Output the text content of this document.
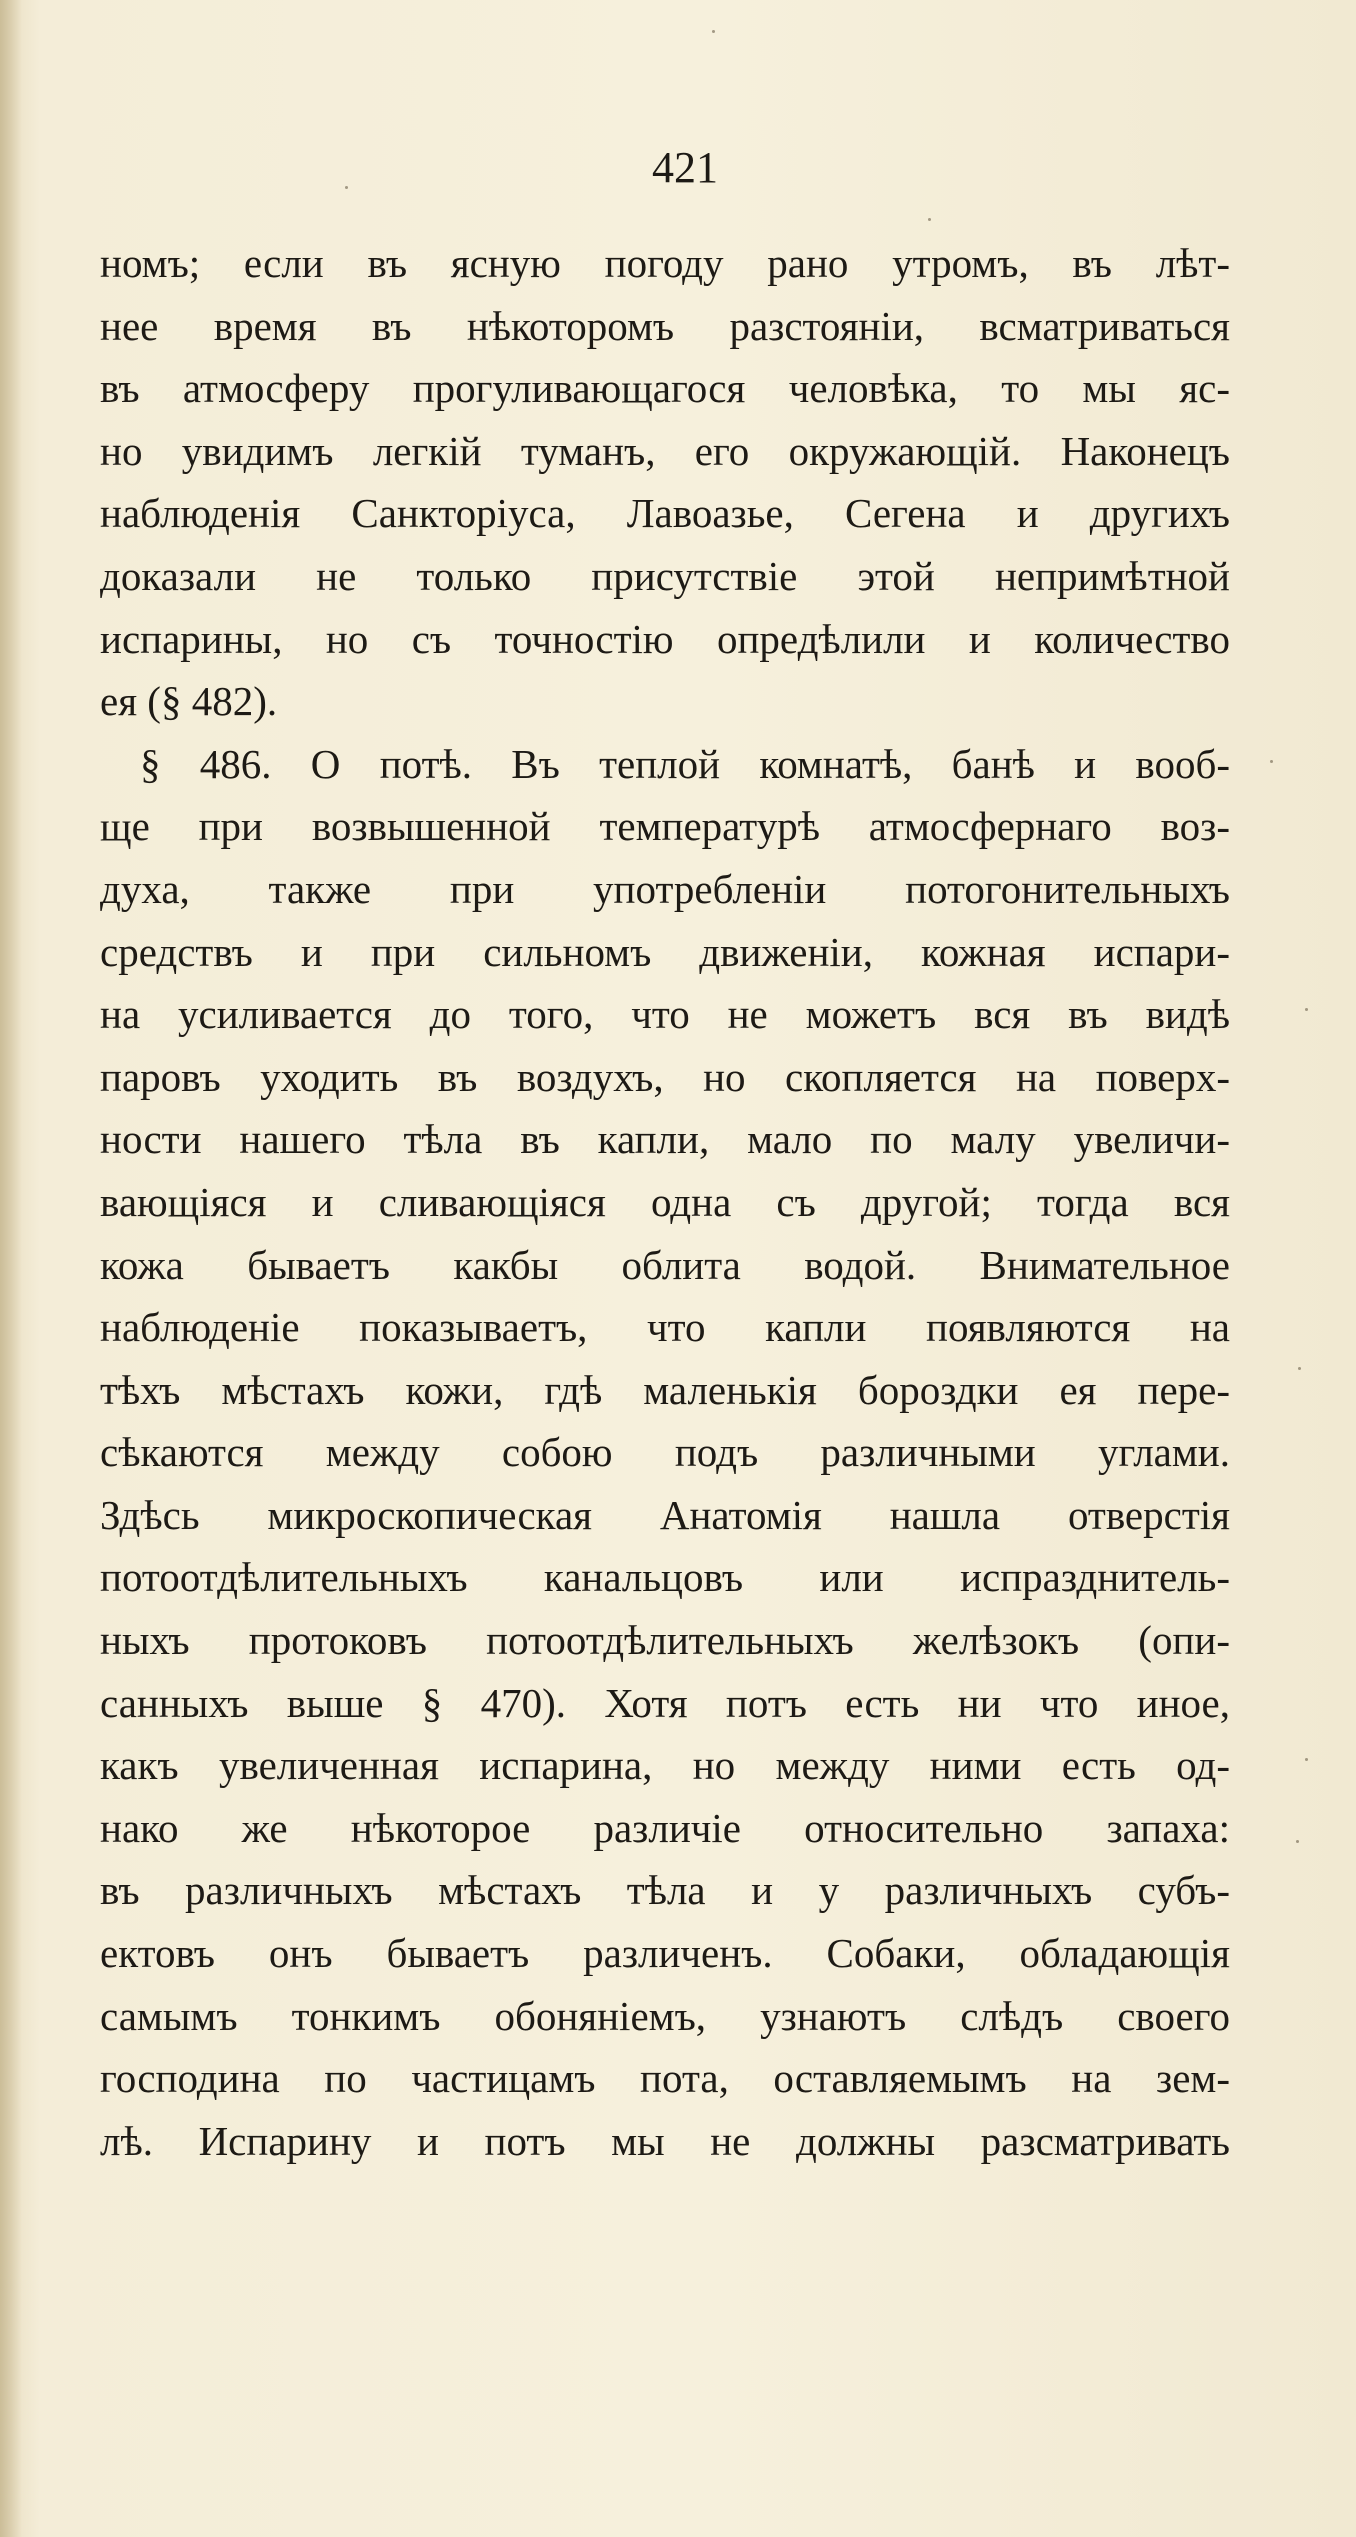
421
номъ; если въ ясную погоду рано утромъ, въ лѣт-
нее время въ нѣкоторомъ разстояніи, всматриваться
въ атмосферу прогуливающагося человѣка, то мы яс-
но увидимъ легкій туманъ, его окружающій. Наконецъ
наблюденія Санкторіуса, Лавоазье, Сегена и другихъ
доказали не только присутствіе этой непримѣтной
испарины, но съ точностію опредѣлили и количество
ея (§ 482).
§ 486. О потѣ. Въ теплой комнатѣ, банѣ и вооб-
ще при возвышенной температурѣ атмосфернаго воз-
духа, также при употребленіи потогонительныхъ
средствъ и при сильномъ движеніи, кожная испари-
на усиливается до того, что не можетъ вся въ видѣ
паровъ уходить въ воздухъ, но скопляется на поверх-
ности нашего тѣла въ капли, мало по малу увеличи-
вающіяся и сливающіяся одна съ другой; тогда вся
кожа бываетъ какбы облита водой. Внимательное
наблюденіе показываетъ, что капли появляются на
тѣхъ мѣстахъ кожи, гдѣ маленькія бороздки ея пере-
сѣкаются между собою подъ различными углами.
Здѣсь микроскопическая Анатомія нашла отверстія
потоотдѣлительныхъ канальцовъ или испразднитель-
ныхъ протоковъ потоотдѣлительныхъ желѣзокъ (опи-
санныхъ выше § 470). Хотя потъ есть ни что иное,
какъ увеличенная испарина, но между ними есть од-
нако же нѣкоторое различіе относительно запаха:
въ различныхъ мѣстахъ тѣла и у различныхъ субъ-
ектовъ онъ бываетъ различенъ. Собаки, обладающія
самымъ тонкимъ обоняніемъ, узнаютъ слѣдъ своего
господина по частицамъ пота, оставляемымъ на зем-
лѣ. Испарину и потъ мы не должны разсматривать
